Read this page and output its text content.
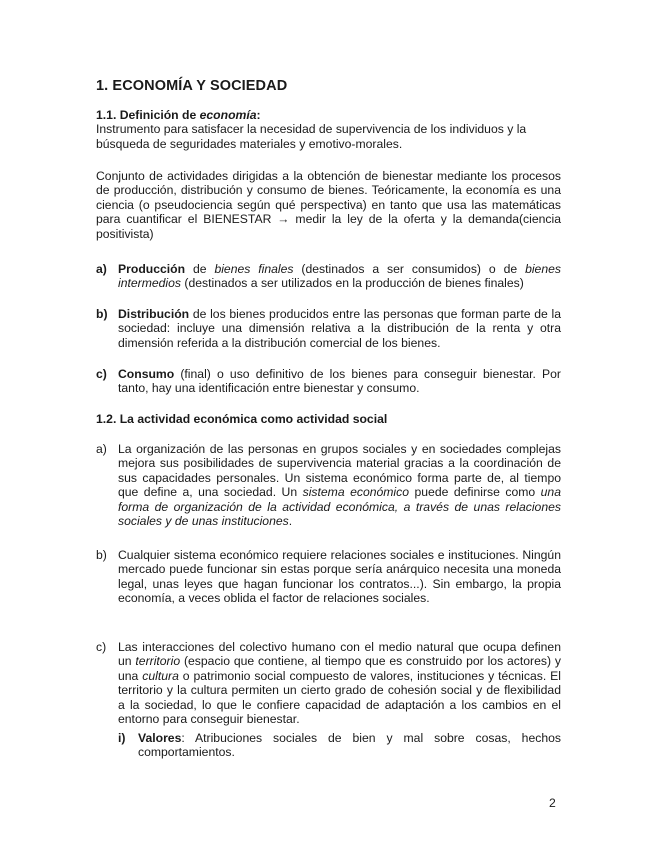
1. ECONOMÍA Y SOCIEDAD
1.1. Definición de economía:
Instrumento para satisfacer la necesidad de supervivencia de los individuos y la búsqueda de seguridades materiales y emotivo-morales.
Conjunto de actividades dirigidas a la obtención de bienestar mediante los procesos de producción, distribución y consumo de bienes. Teóricamente, la economía es una ciencia (o pseudociencia según qué perspectiva) en tanto que usa las matemáticas para cuantificar el BIENESTAR → medir la ley de la oferta y la demanda(ciencia positivista)
a) Producción de bienes finales (destinados a ser consumidos) o de bienes intermedios (destinados a ser utilizados en la producción de bienes finales)
b) Distribución de los bienes producidos entre las personas que forman parte de la sociedad: incluye una dimensión relativa a la distribución de la renta y otra dimensión referida a la distribución comercial de los bienes.
c) Consumo (final) o uso definitivo de los bienes para conseguir bienestar. Por tanto, hay una identificación entre bienestar y consumo.
1.2. La actividad económica como actividad social
a) La organización de las personas en grupos sociales y en sociedades complejas mejora sus posibilidades de supervivencia material gracias a la coordinación de sus capacidades personales. Un sistema económico forma parte de, al tiempo que define a, una sociedad. Un sistema económico puede definirse como una forma de organización de la actividad económica, a través de unas relaciones sociales y de unas instituciones.
b) Cualquier sistema económico requiere relaciones sociales e instituciones. Ningún mercado puede funcionar sin estas porque sería anárquico necesita una moneda legal, unas leyes que hagan funcionar los contratos...). Sin embargo, la propia economía, a veces oblida el factor de relaciones sociales.
c) Las interacciones del colectivo humano con el medio natural que ocupa definen un territorio (espacio que contiene, al tiempo que es construido por los actores) y una cultura o patrimonio social compuesto de valores, instituciones y técnicas. El territorio y la cultura permiten un cierto grado de cohesión social y de flexibilidad a la sociedad, lo que le confiere capacidad de adaptación a los cambios en el entorno para conseguir bienestar.
i) Valores: Atribuciones sociales de bien y mal sobre cosas, hechos comportamientos.
2
